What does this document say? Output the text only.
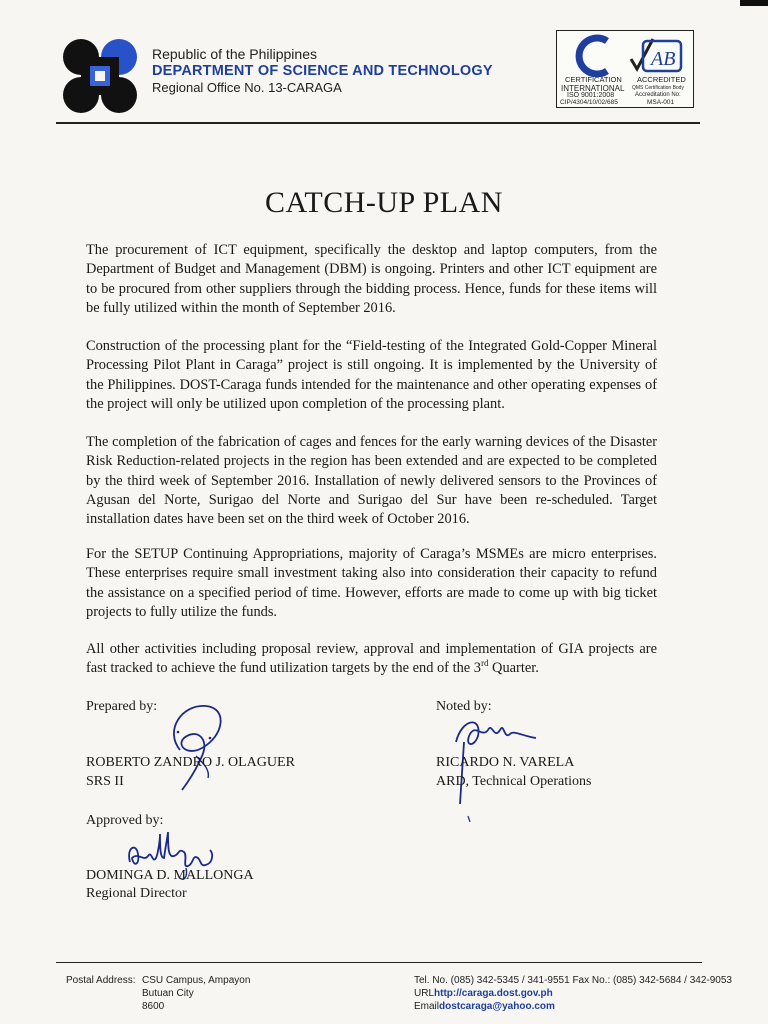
Republic of the Philippines
DEPARTMENT OF SCIENCE AND TECHNOLOGY
Regional Office No. 13-CARAGA
AB
CERTIFICATION ACCREDITED
INTERNATIONAL QMS Certification Body
ISO 9001:2008	Accreditation No:
CIP/4304/10/02/685	MSA-001
CATCH-UP PLAN

The procurement of ICT equipment, specifically the desktop and laptop computers, from the Department of Budget and Management (DBM) is ongoing. Printers and other ICT equipment are to be procured from other suppliers through the bidding process. Hence, funds for these items will be fully utilized within the month of September 2016.

Construction of the processing plant for the “Field-testing of the Integrated Gold-Copper Mineral Processing Pilot Plant in Caraga” project is still ongoing. It is implemented by the University of the Philippines. DOST-Caraga funds intended for the maintenance and other operating expenses of the project will only be utilized upon completion of the processing plant.

The completion of the fabrication of cages and fences for the early warning devices of the Disaster Risk Reduction-related projects in the region has been extended and are expected to be completed by the third week of September 2016. Installation of newly delivered sensors to the Provinces of Agusan del Norte, Surigao del Norte and Surigao del Sur have been re-scheduled. Target installation dates have been set on the third week of October 2016.

For the SETUP Continuing Appropriations, majority of Caraga’s MSMEs are micro enterprises. These enterprises require small investment taking also into consideration their capacity to refund the assistance on a specified period of time. However, efforts are made to come up with big ticket projects to fully utilize the funds.

All other activities including proposal review, approval and implementation of GIA projects are fast tracked to achieve the fund utilization targets by the end of the 3rd Quarter.

Prepared by:
ROBERTO ZANDRO J. OLAGUER
SRS II
Noted by:
RICARDO N. VARELA
ARD, Technical Operations
Approved by:
DOMINGA D. MALLONGA
Regional Director
Postal Address: CSU Campus, Ampayon
Butuan City
8600
Tel. No. (085) 342-5345 / 341-9551 Fax No.: (085) 342-5684 / 342-9053
URLhttp://caraga.dost.gov.ph
Emaildostcaraga@yahoo.com
